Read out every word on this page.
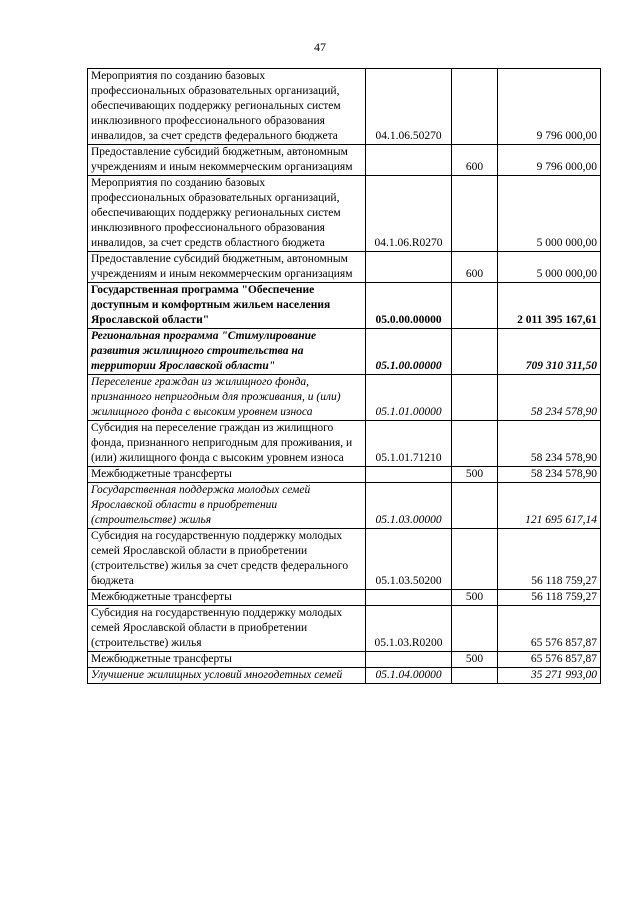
47
Мероприятия по созданию базовых профессиональных образовательных организаций, обеспечивающих поддержку региональных систем инклюзивного профессионального образования инвалидов, за счет средств федерального бюджета	04.1.06.50270		9 796 000,00
Предоставление субсидий бюджетным, автономным учреждениям и иным некоммерческим организациям		600	9 796 000,00
Мероприятия по созданию базовых профессиональных образовательных организаций, обеспечивающих поддержку региональных систем инклюзивного профессионального образования инвалидов, за счет средств областного бюджета	04.1.06.R0270		5 000 000,00
Предоставление субсидий бюджетным, автономным учреждениям и иным некоммерческим организациям		600	5 000 000,00
Государственная программа "Обеспечение доступным и комфортным жильем населения Ярославской области"	05.0.00.00000		2 011 395 167,61
Региональная программа "Стимулирование развития жилищного строительства на территории Ярославской области"	05.1.00.00000		709 310 311,50
Переселение граждан из жилищного фонда, признанного непригодным для проживания, и (или) жилищного фонда с высоким уровнем износа	05.1.01.00000		58 234 578,90
Субсидия на переселение граждан из жилищного фонда, признанного непригодным для проживания, и (или) жилищного фонда с высоким уровнем износа	05.1.01.71210		58 234 578,90
Межбюджетные трансферты		500	58 234 578,90
Государственная поддержка молодых семей Ярославской области в приобретении (строительстве) жилья	05.1.03.00000		121 695 617,14
Субсидия на государственную поддержку молодых семей Ярославской области в приобретении (строительстве) жилья за счет средств федерального бюджета	05.1.03.50200		56 118 759,27
Межбюджетные трансферты		500	56 118 759,27
Субсидия на государственную поддержку молодых семей Ярославской области в приобретении (строительстве) жилья	05.1.03.R0200		65 576 857,87
Межбюджетные трансферты		500	65 576 857,87
Улучшение жилищных условий многодетных семей	05.1.04.00000		35 271 993,00
